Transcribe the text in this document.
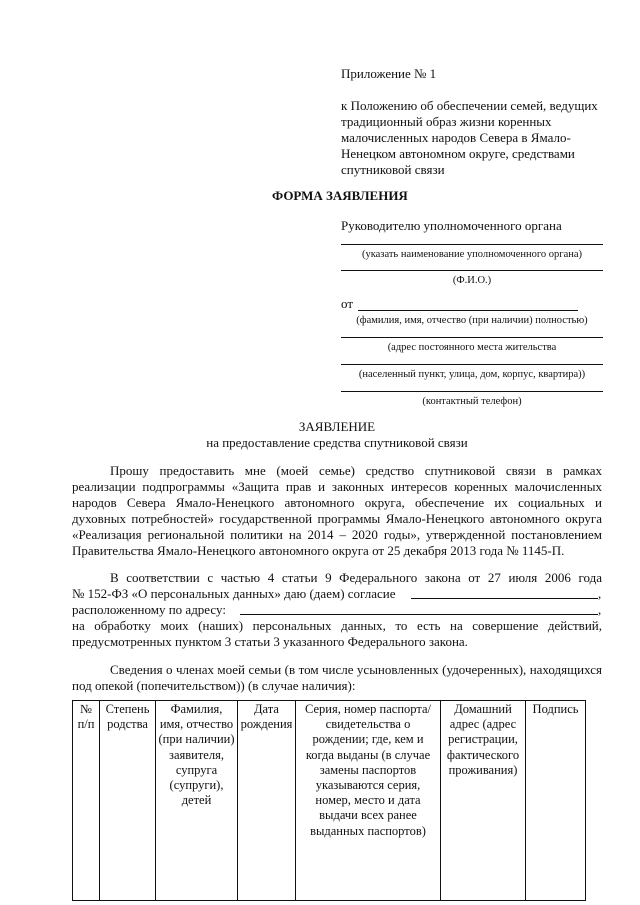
Приложение № 1
к Положению об обеспечении семей, ведущих традиционный образ жизни коренных малочисленных народов Севера в Ямало-Ненецком автономном округе, средствами спутниковой связи
ФОРМА ЗАЯВЛЕНИЯ
Руководителю уполномоченного органа
(указать наименование уполномоченного органа)
(Ф.И.О.)
от
(фамилия, имя, отчество (при наличии) полностью)
(адрес постоянного места жительства
(населенный пункт, улица, дом, корпус, квартира))
(контактный телефон)
ЗАЯВЛЕНИЕ
на предоставление средства спутниковой связи
Прошу предоставить мне (моей семье) средство спутниковой связи в рамках реализации подпрограммы «Защита прав и законных интересов коренных малочисленных народов Севера Ямало-Ненецкого автономного округа, обеспечение их социальных и духовных потребностей» государственной программы Ямало-Ненецкого автономного округа «Реализация региональной политики на 2014 – 2020 годы», утвержденной постановлением Правительства Ямало-Ненецкого автономного округа от 25 декабря 2013 года № 1145-П.
В соответствии с частью 4 статьи 9 Федерального закона от 27 июля 2006 года
№ 152-ФЗ «О персональных данных» даю (даем) согласие	,
расположенному по адресу:	,
на обработку моих (наших) персональных данных, то есть на совершение действий, предусмотренных пунктом 3 статьи 3 указанного Федерального закона.
Сведения о членах моей семьи (в том числе усыновленных (удочеренных), находящихся под опекой (попечительством)) (в случае наличия):
№ п/п	Степень родства	Фамилия, имя, отчество (при наличии) заявителя, супруга (супруги), детей	Дата рождения	Серия, номер паспорта/свидетельства о рождении; где, кем и когда выданы (в случае замены паспортов указываются серия, номер, место и дата выдачи всех ранее выданных паспортов)	Домашний адрес (адрес регистрации, фактического проживания)	Подпись
